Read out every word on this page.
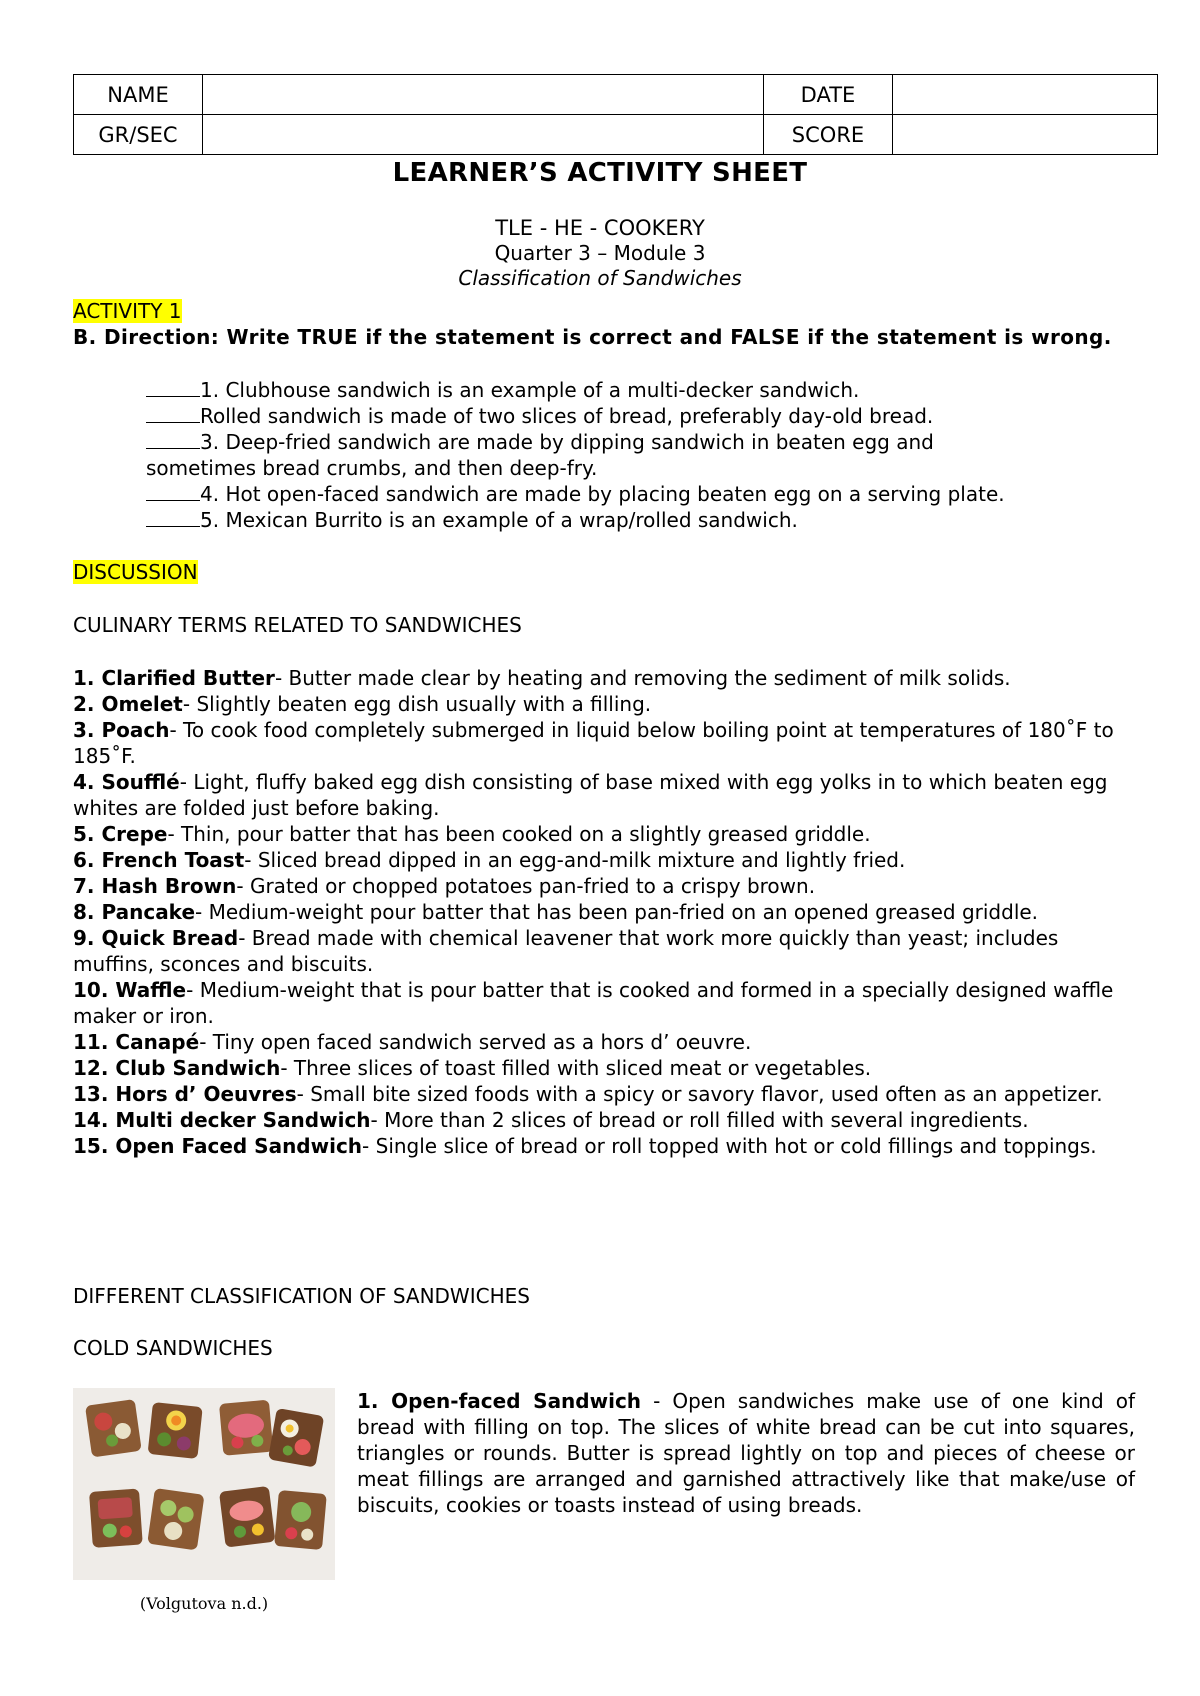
NAME		DATE	
GR/SEC		SCORE	
LEARNER’S ACTIVITY SHEET
TLE - HE - COOKERY
Quarter 3 – Module 3
Classification of Sandwiches
ACTIVITY 1
B. Direction: Write TRUE if the statement is correct and FALSE if the statement is wrong.
1. Clubhouse sandwich is an example of a multi-decker sandwich.
Rolled sandwich is made of two slices of bread, preferably day-old bread.
3. Deep-fried sandwich are made by dipping sandwich in beaten egg and
sometimes bread crumbs, and then deep-fry.
4. Hot open-faced sandwich are made by placing beaten egg on a serving plate.
5. Mexican Burrito is an example of a wrap/rolled sandwich.
DISCUSSION
CULINARY TERMS RELATED TO SANDWICHES

1. Clarified Butter- Butter made clear by heating and removing the sediment of milk solids.

2. Omelet- Slightly beaten egg dish usually with a filling.

3. Poach- To cook food completely submerged in liquid below boiling point at temperatures of 180˚F to 185˚F.

4. Soufflé- Light, fluffy baked egg dish consisting of base mixed with egg yolks in to which beaten egg whites are folded just before baking.

5. Crepe- Thin, pour batter that has been cooked on a slightly greased griddle.

6. French Toast- Sliced bread dipped in an egg-and-milk mixture and lightly fried.

7. Hash Brown- Grated or chopped potatoes pan-fried to a crispy brown.

8. Pancake- Medium-weight pour batter that has been pan-fried on an opened greased griddle.

9. Quick Bread- Bread made with chemical leavener that work more quickly than yeast; includes muffins, sconces and biscuits.

10. Waffle- Medium-weight that is pour batter that is cooked and formed in a specially designed waffle maker or iron.

11. Canapé- Tiny open faced sandwich served as a hors d’ oeuvre.

12. Club Sandwich- Three slices of toast filled with sliced meat or vegetables.

13. Hors d’ Oeuvres- Small bite sized foods with a spicy or savory flavor, used often as an appetizer.

14. Multi decker Sandwich- More than 2 slices of bread or roll filled with several ingredients.

15. Open Faced Sandwich- Single slice of bread or roll topped with hot or cold fillings and toppings.

DIFFERENT CLASSIFICATION OF SANDWICHES
COLD SANDWICHES
(Volgutova n.d.)
1. Open-faced Sandwich - Open sandwiches make use of one kind of bread with filling on top. The slices of white bread can be cut into squares, triangles or rounds. Butter is spread lightly on top and pieces of cheese or meat fillings are arranged and garnished attractively like that make/use of biscuits, cookies or toasts instead of using breads.
